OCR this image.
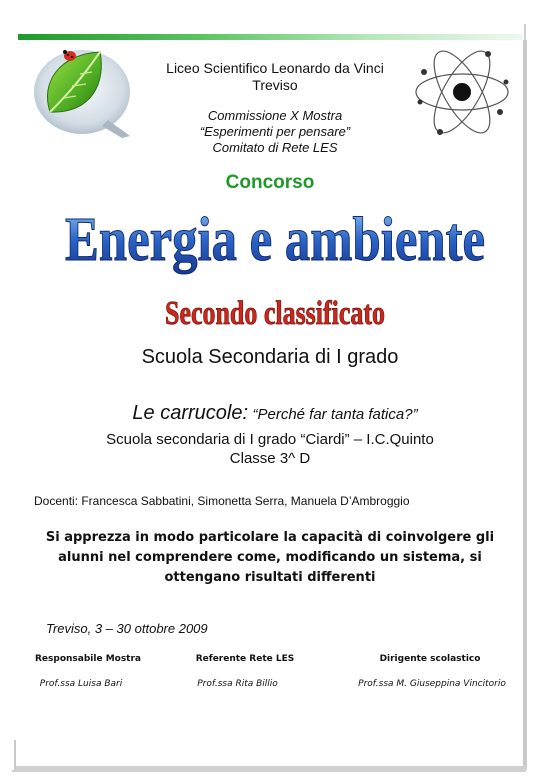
Liceo Scientifico Leonardo da Vinci
Treviso
Commissione X Mostra
“Esperimenti per pensare”
Comitato di Rete LES
Concorso
Energia e ambiente
Secondo classificato
Scuola Secondaria di I grado
Le carrucole: “Perché far tanta fatica?”
Scuola secondaria di I grado “Ciardi” – I.C.Quinto
Classe 3^ D
Docenti: Francesca Sabbatini, Simonetta Serra, Manuela D’Ambroggio
Si apprezza in modo particolare la capacità di coinvolgere gli
alunni nel comprendere come, modificando un sistema, si
ottengano risultati differenti
Treviso, 3 – 30 ottobre 2009
Responsabile Mostra	Referente Rete LES	Dirigente scolastico
Prof.ssa Luisa Bari	Prof.ssa Rita Billio	Prof.ssa M. Giuseppina Vincitorio
